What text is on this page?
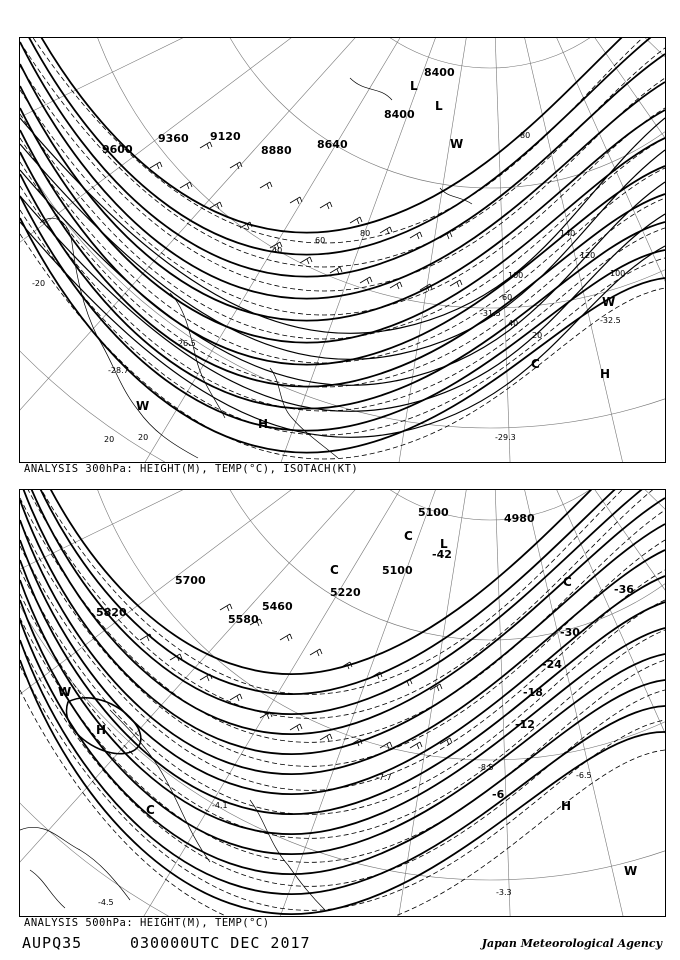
9600
9360 9120
8880 8640
8400
8400
40
60
80
100
120
140
20
40
60
80
100
20	20
-20
-29.3
-32.5
-31.5
-28.7
-26.5
L
L
H
H
W
W
W
C
ANALYSIS 300hPa: HEIGHT(M), TEMP(°C), ISOTACH(KT)
5100
5100
5220
5460
5580
5700
5820
4980
-42
-36
-30
-24
-18
-12
-6
-3.3
-8.5
-6.5
-7.7
-4.1
-4.5
L
H
H
W
W
C
C
C
C
ANALYSIS 500hPa: HEIGHT(M), TEMP(°C)
AUPQ35	030000UTC DEC 2017	Japan Meteorological Agency
